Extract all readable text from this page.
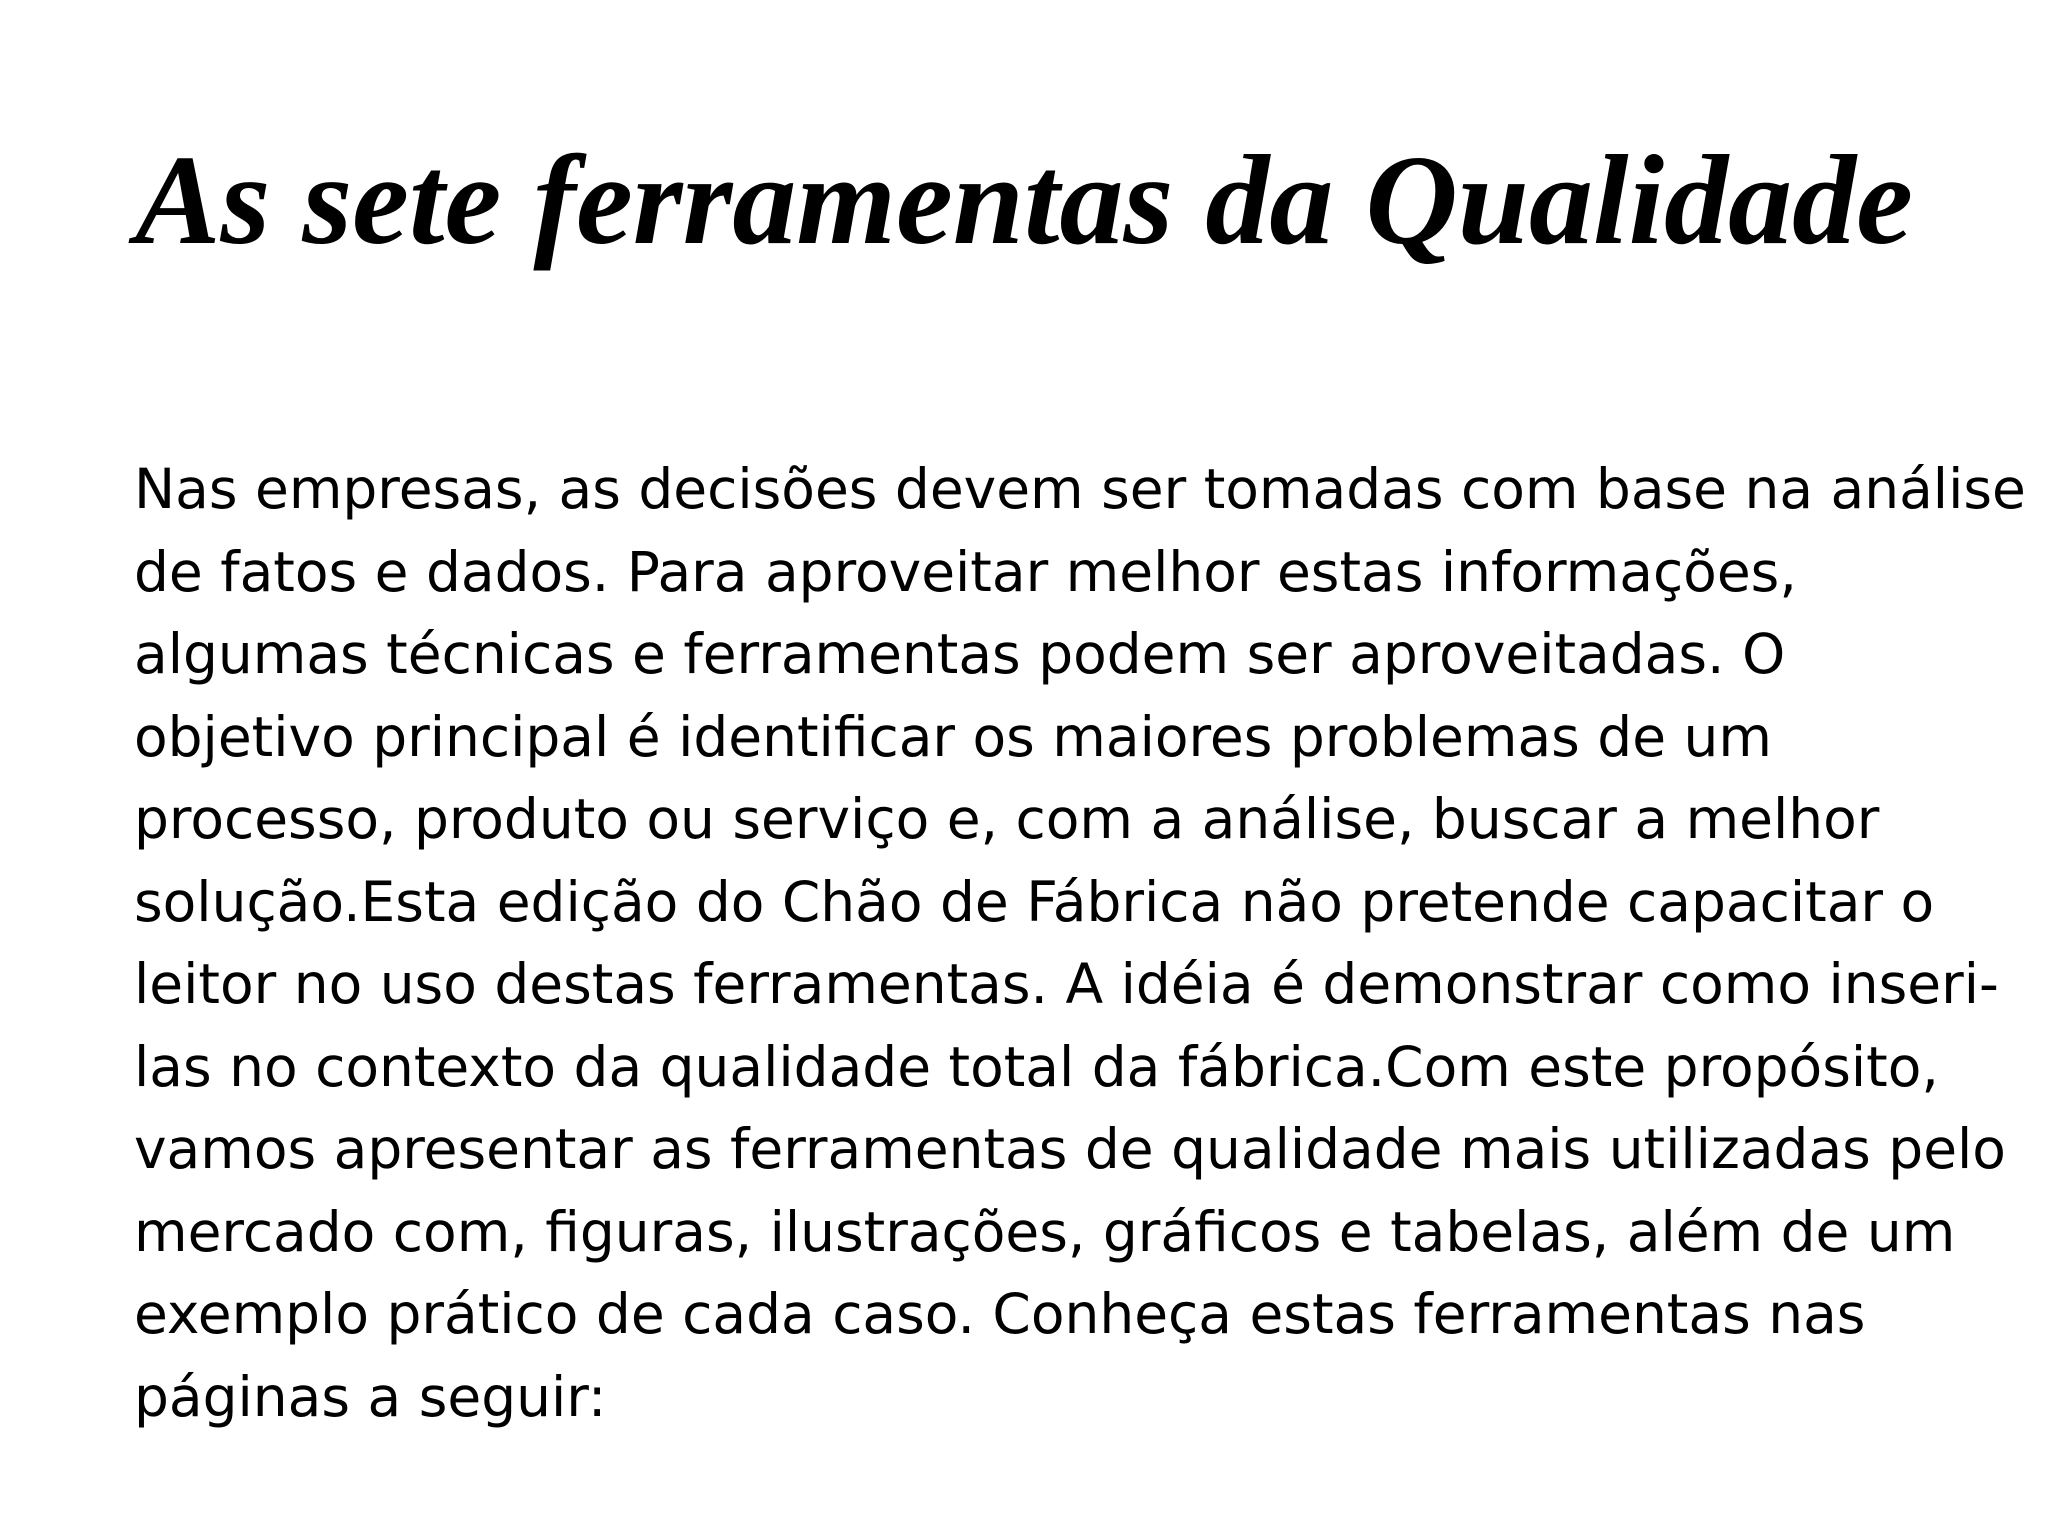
As sete ferramentas da Qualidade
Nas empresas, as decisões devem ser tomadas com base na análise
de fatos e dados. Para aproveitar melhor estas informações,
algumas técnicas e ferramentas podem ser aproveitadas. O
objetivo principal é identificar os maiores problemas de um
processo, produto ou serviço e, com a análise, buscar a melhor
solução.Esta edição do Chão de Fábrica não pretende capacitar o
leitor no uso destas ferramentas. A idéia é demonstrar como inseri-
las no contexto da qualidade total da fábrica.Com este propósito,
vamos apresentar as ferramentas de qualidade mais utilizadas pelo
mercado com, figuras, ilustrações, gráficos e tabelas, além de um
exemplo prático de cada caso. Conheça estas ferramentas nas
páginas a seguir:
